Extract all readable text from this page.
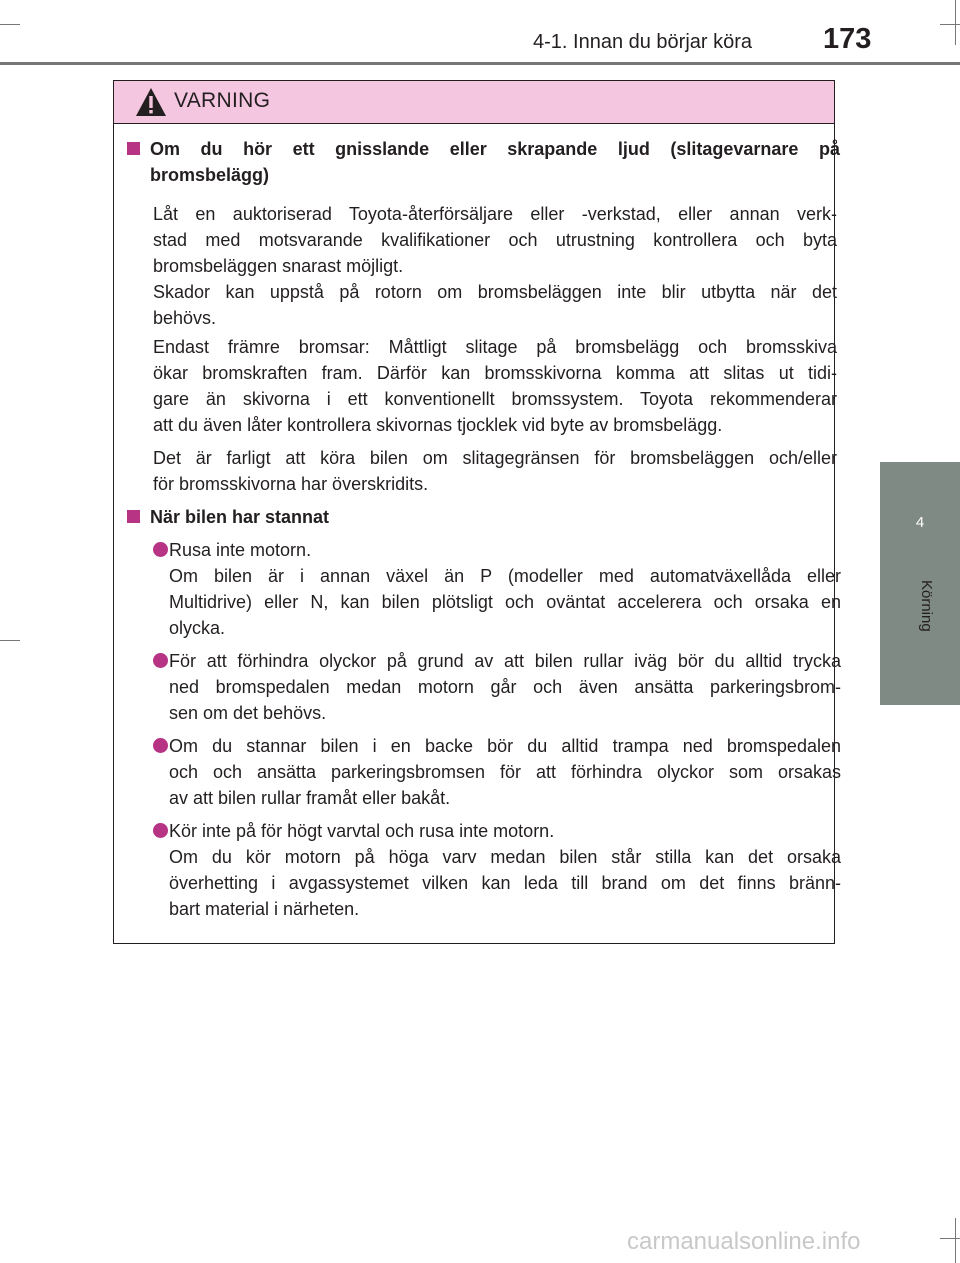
4-1. Innan du börjar köra 173
4
Körning
VARNING
Om du hör ett gnisslande eller skrapande ljud (slitagevarnare på
bromsbelägg)
Låt en auktoriserad Toyota-återförsäljare eller -verkstad, eller annan verk-
stad med motsvarande kvalifikationer och utrustning kontrollera och byta
bromsbeläggen snarast möjligt.
Skador kan uppstå på rotorn om bromsbeläggen inte blir utbytta när det
behövs.
Endast främre bromsar: Måttligt slitage på bromsbelägg och bromsskiva
ökar bromskraften fram. Därför kan bromsskivorna komma att slitas ut tidi-
gare än skivorna i ett konventionellt bromssystem. Toyota rekommenderar
att du även låter kontrollera skivornas tjocklek vid byte av bromsbelägg.
Det är farligt att köra bilen om slitagegränsen för bromsbeläggen och/eller
för bromsskivorna har överskridits.
När bilen har stannat
Rusa inte motorn.
Om bilen är i annan växel än P (modeller med automatväxellåda eller
Multidrive) eller N, kan bilen plötsligt och oväntat accelerera och orsaka en
olycka.
För att förhindra olyckor på grund av att bilen rullar iväg bör du alltid trycka
ned bromspedalen medan motorn går och även ansätta parkeringsbrom-
sen om det behövs.
Om du stannar bilen i en backe bör du alltid trampa ned bromspedalen
och och ansätta parkeringsbromsen för att förhindra olyckor som orsakas
av att bilen rullar framåt eller bakåt.
Kör inte på för högt varvtal och rusa inte motorn.
Om du kör motorn på höga varv medan bilen står stilla kan det orsaka
överhetting i avgassystemet vilken kan leda till brand om det finns bränn-
bart material i närheten.
carmanualsonline.info
